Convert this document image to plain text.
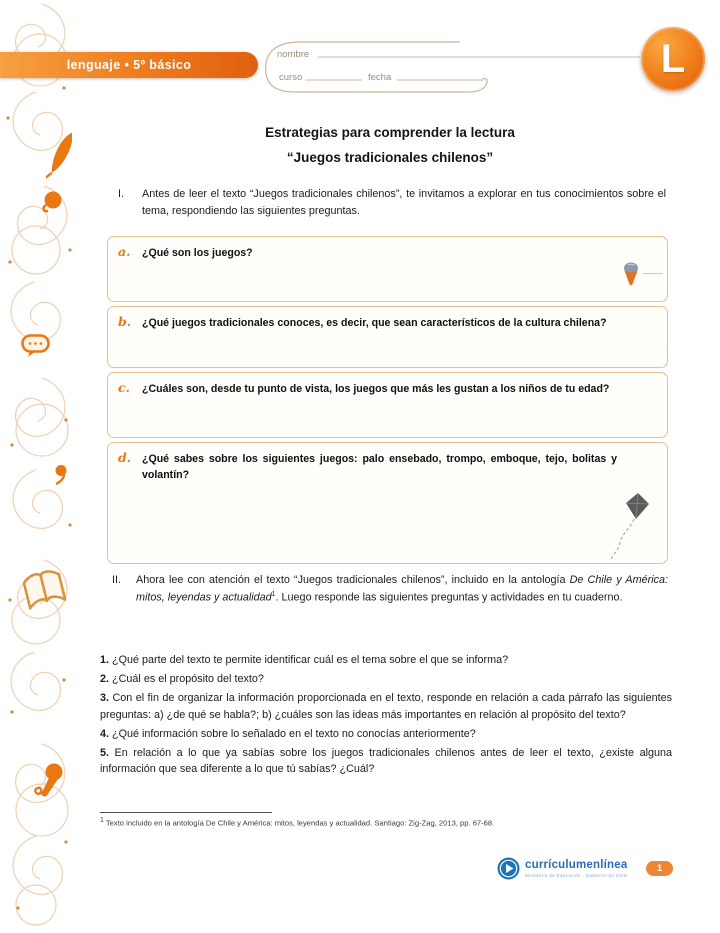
lenguaje • 5º básico
nombre
curso	fecha	L
Estrategias para comprender la lectura
“Juegos tradicionales chilenos”
I.	Antes de leer el texto “Juegos tradicionales chilenos”, te invitamos a explorar en tus conocimientos sobre el tema, respondiendo las siguientes preguntas.
a. ¿Qué son los juegos?
b. ¿Qué juegos tradicionales conoces, es decir, que sean característicos de la cultura chilena?
c. ¿Cuáles son, desde tu punto de vista, los juegos que más les gustan a los niños de tu edad?
d. ¿Qué sabes sobre los siguientes juegos: palo ensebado, trompo, emboque, tejo, bolitas y volantín?
II.	Ahora lee con atención el texto “Juegos tradicionales chilenos”, incluido en la antología De Chile y América: mitos, leyendas y actualidad$^1$. Luego responde las siguientes preguntas y actividades en tu cuaderno.
1. ¿Qué parte del texto te permite identificar cuál es el tema sobre el que se informa?
2. ¿Cuál es el propósito del texto?
3. Con el fin de organizar la información proporcionada en el texto, responde en relación a cada párrafo las siguientes preguntas: a) ¿de qué se habla?; b) ¿cuáles son las ideas más importantes en relación al propósito del texto?
4. ¿Qué información sobre lo señalado en el texto no conocías anteriormente?
5. En relación a lo que ya sabías sobre los juegos tradicionales chilenos antes de leer el texto, ¿existe alguna información que sea diferente a lo que tú sabías? ¿Cuál?
$^1$ Texto incluido en la antología De Chile y América: mitos, leyendas y actualidad. Santiago: Zig-Zag, 2013, pp. 67-68.
currículumenlínea
Ministerio de Educación · Gobierno de Chile
1
